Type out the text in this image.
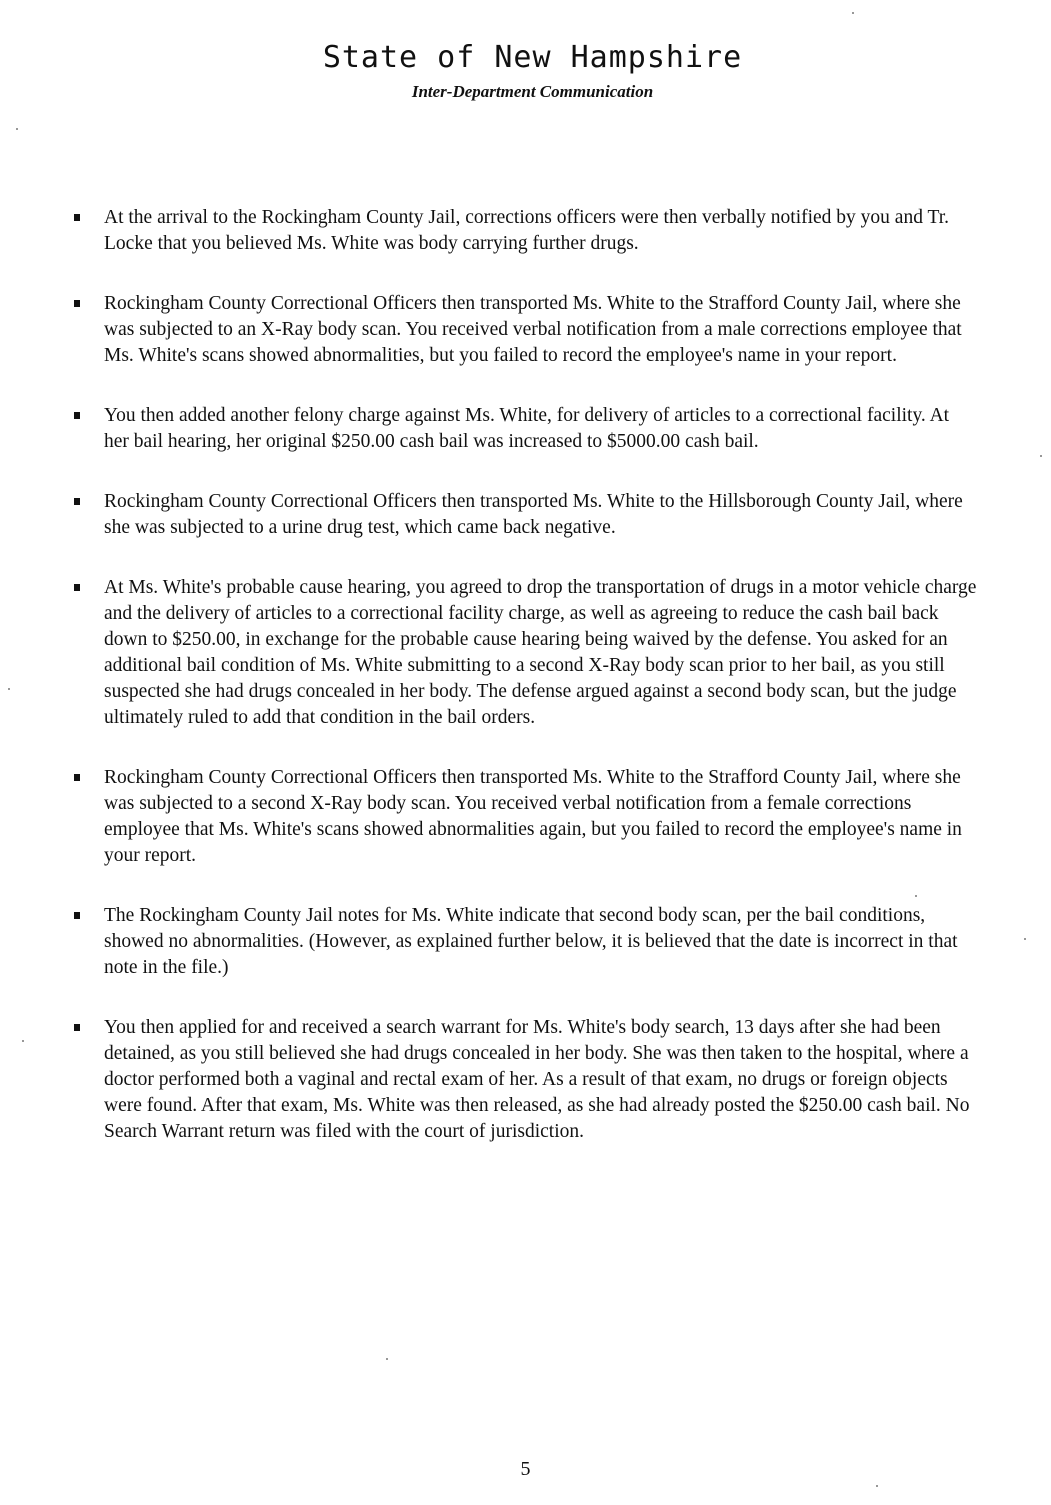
State of New Hampshire
Inter-Department Communication
At the arrival to the Rockingham County Jail, corrections officers were then verbally notified by you and Tr. Locke that you believed Ms. White was body carrying further drugs.
Rockingham County Correctional Officers then transported Ms. White to the Strafford County Jail, where she was subjected to an X-Ray body scan. You received verbal notification from a male corrections employee that Ms. White's scans showed abnormalities, but you failed to record the employee's name in your report.
You then added another felony charge against Ms. White, for delivery of articles to a correctional facility. At her bail hearing, her original $250.00 cash bail was increased to $5000.00 cash bail.
Rockingham County Correctional Officers then transported Ms. White to the Hillsborough County Jail, where she was subjected to a urine drug test, which came back negative.
At Ms. White's probable cause hearing, you agreed to drop the transportation of drugs in a motor vehicle charge and the delivery of articles to a correctional facility charge, as well as agreeing to reduce the cash bail back down to $250.00, in exchange for the probable cause hearing being waived by the defense. You asked for an additional bail condition of Ms. White submitting to a second X-Ray body scan prior to her bail, as you still suspected she had drugs concealed in her body. The defense argued against a second body scan, but the judge ultimately ruled to add that condition in the bail orders.
Rockingham County Correctional Officers then transported Ms. White to the Strafford County Jail, where she was subjected to a second X-Ray body scan. You received verbal notification from a female corrections employee that Ms. White's scans showed abnormalities again, but you failed to record the employee's name in your report.
The Rockingham County Jail notes for Ms. White indicate that second body scan, per the bail conditions, showed no abnormalities. (However, as explained further below, it is believed that the date is incorrect in that note in the file.)
You then applied for and received a search warrant for Ms. White's body search, 13 days after she had been detained, as you still believed she had drugs concealed in her body. She was then taken to the hospital, where a doctor performed both a vaginal and rectal exam of her. As a result of that exam, no drugs or foreign objects were found. After that exam, Ms. White was then released, as she had already posted the $250.00 cash bail. No Search Warrant return was filed with the court of jurisdiction.
5
